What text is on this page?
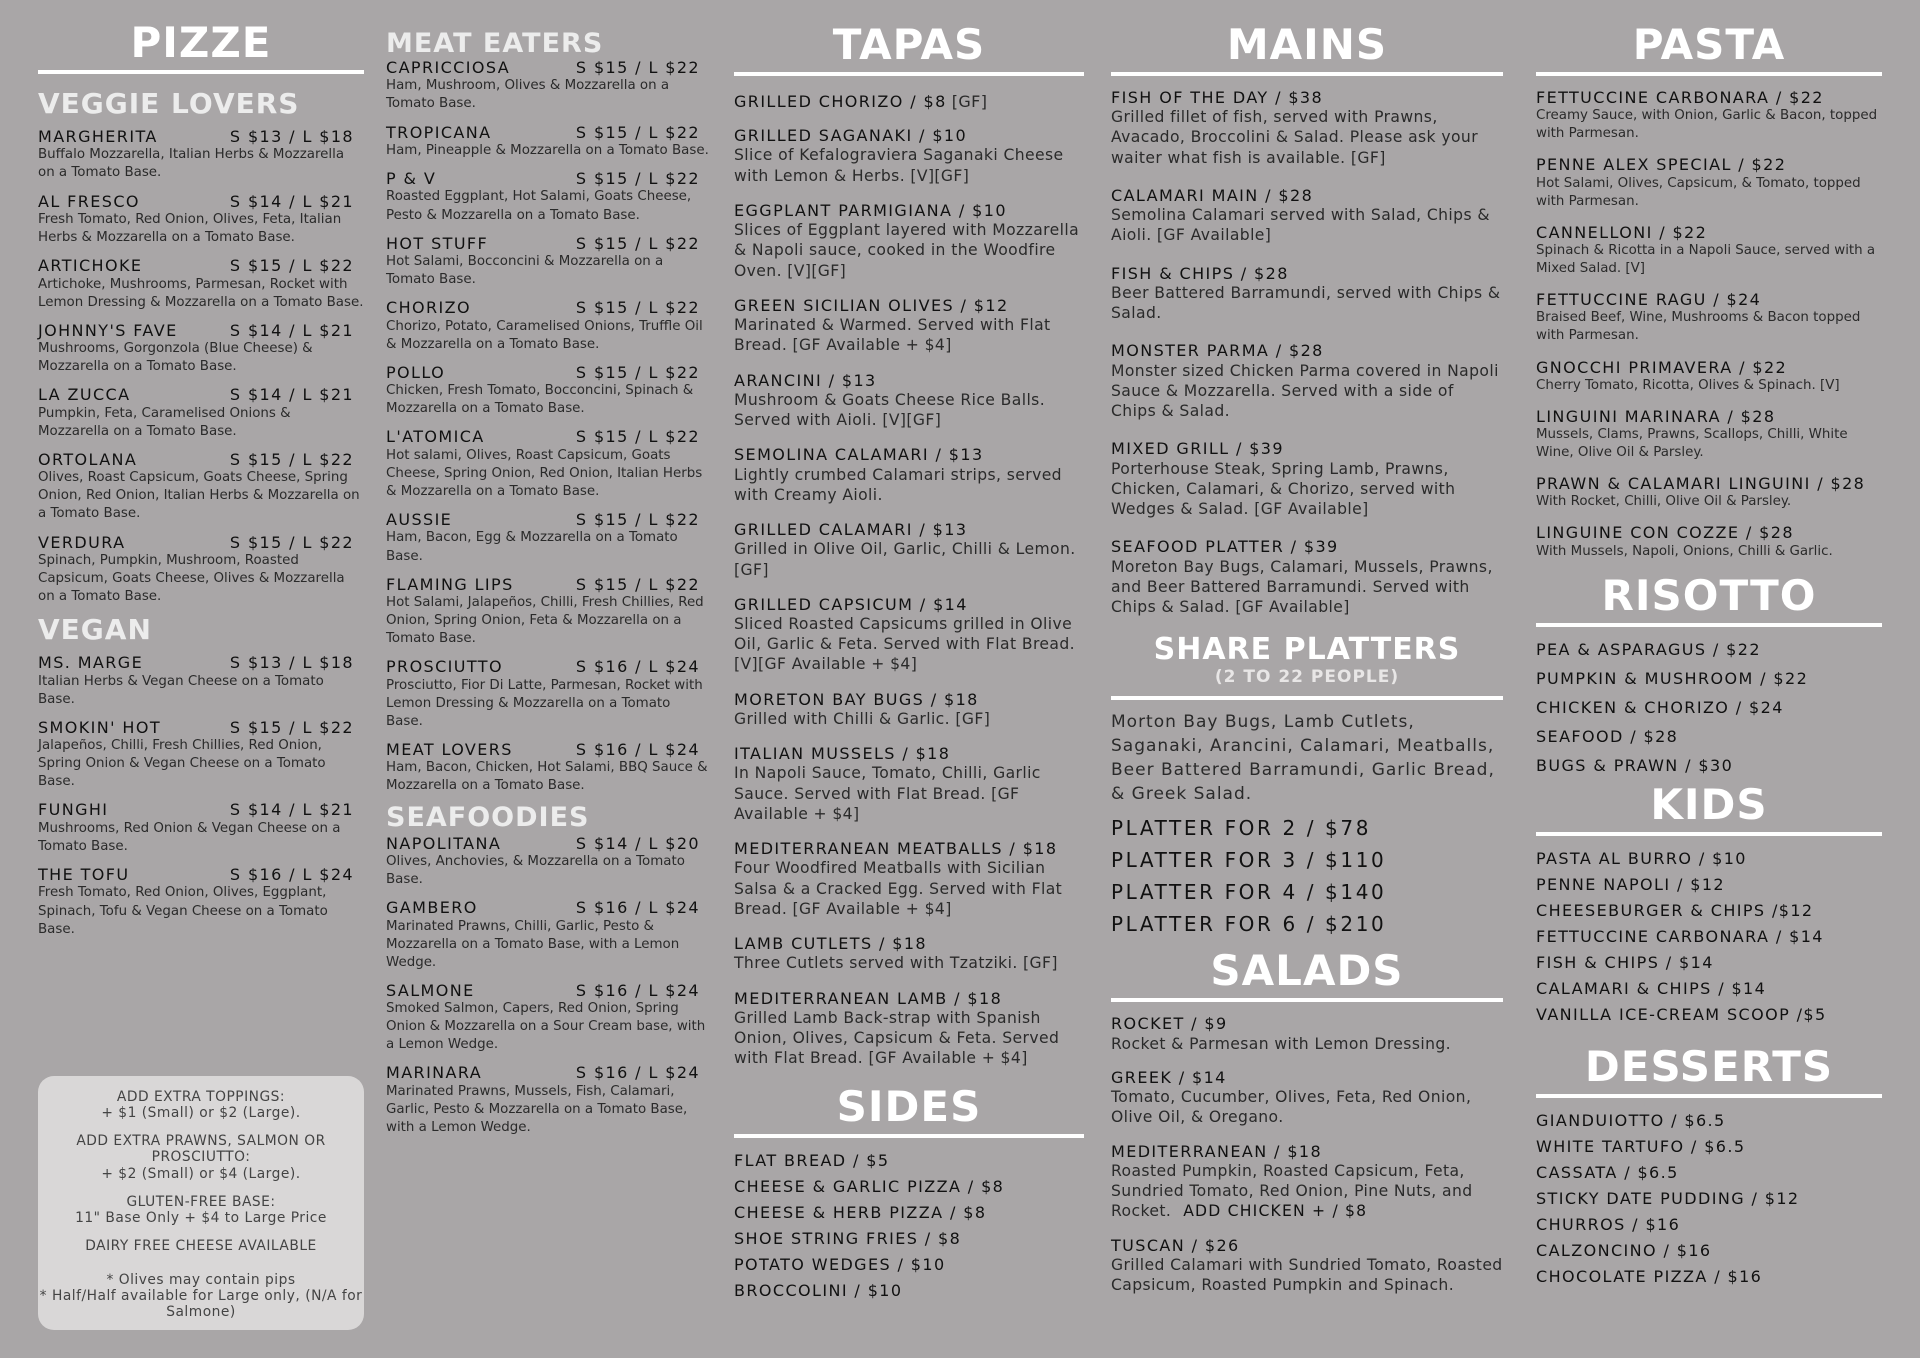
PIZZE
VEGGIE LOVERS
MARGHERITA	S $13 / L $18
Buffalo Mozzarella, Italian Herbs & Mozzarella on a Tomato Base.
AL FRESCO	S $14 / L $21
Fresh Tomato, Red Onion, Olives, Feta, Italian Herbs & Mozzarella on a Tomato Base.
ARTICHOKE	S $15 / L $22
Artichoke, Mushrooms, Parmesan, Rocket with Lemon Dressing & Mozzarella on a Tomato Base.
JOHNNY'S FAVE	S $14 / L $21
Mushrooms, Gorgonzola (Blue Cheese) & Mozzarella on a Tomato Base.
LA ZUCCA	S $14 / L $21
Pumpkin, Feta, Caramelised Onions & Mozzarella on a Tomato Base.
ORTOLANA	S $15 / L $22
Olives, Roast Capsicum, Goats Cheese, Spring Onion, Red Onion, Italian Herbs & Mozzarella on a Tomato Base.
VERDURA	S $15 / L $22
Spinach, Pumpkin, Mushroom, Roasted Capsicum, Goats Cheese, Olives & Mozzarella on a Tomato Base.
VEGAN
MS. MARGE	S $13 / L $18
Italian Herbs & Vegan Cheese on a Tomato Base.
SMOKIN' HOT	S $15 / L $22
Jalapeños, Chilli, Fresh Chillies, Red Onion, Spring Onion & Vegan Cheese on a Tomato Base.
FUNGHI	S $14 / L $21
Mushrooms, Red Onion & Vegan Cheese on a Tomato Base.
THE TOFU	S $16 / L $24
Fresh Tomato, Red Onion, Olives, Eggplant, Spinach, Tofu & Vegan Cheese on a Tomato Base.

ADD EXTRA TOPPINGS:
+ $1 (Small) or $2 (Large).

ADD EXTRA PRAWNS, SALMON OR PROSCIUTTO:
+ $2 (Small) or $4 (Large).

GLUTEN-FREE BASE:
11" Base Only + $4 to Large Price

DAIRY FREE CHEESE AVAILABLE

* Olives may contain pips
* Half/Half available for Large only, (N/A for Salmone)

MEAT EATERS
CAPRICCIOSA	S $15 / L $22
Ham, Mushroom, Olives & Mozzarella on a Tomato Base.
TROPICANA	S $15 / L $22
Ham, Pineapple & Mozzarella on a Tomato Base.
P & V	S $15 / L $22
Roasted Eggplant, Hot Salami, Goats Cheese, Pesto & Mozzarella on a Tomato Base.
HOT STUFF	S $15 / L $22
Hot Salami, Bocconcini & Mozzarella on a Tomato Base.
CHORIZO	S $15 / L $22
Chorizo, Potato, Caramelised Onions, Truffle Oil & Mozzarella on a Tomato Base.
POLLO	S $15 / L $22
Chicken, Fresh Tomato, Bocconcini, Spinach & Mozzarella on a Tomato Base.
L'ATOMICA	S $15 / L $22
Hot salami, Olives, Roast Capsicum, Goats Cheese, Spring Onion, Red Onion, Italian Herbs & Mozzarella on a Tomato Base.
AUSSIE	S $15 / L $22
Ham, Bacon, Egg & Mozzarella on a Tomato Base.
FLAMING LIPS	S $15 / L $22
Hot Salami, Jalapeños, Chilli, Fresh Chillies, Red Onion, Spring Onion, Feta & Mozzarella on a Tomato Base.
PROSCIUTTO	S $16 / L $24
Prosciutto, Fior Di Latte, Parmesan, Rocket with Lemon Dressing & Mozzarella on a Tomato Base.
MEAT LOVERS	S $16 / L $24
Ham, Bacon, Chicken, Hot Salami, BBQ Sauce & Mozzarella on a Tomato Base.
SEAFOODIES
NAPOLITANA	S $14 / L $20
Olives, Anchovies, & Mozzarella on a Tomato Base.
GAMBERO	S $16 / L $24
Marinated Prawns, Chilli, Garlic, Pesto & Mozzarella on a Tomato Base, with a Lemon Wedge.
SALMONE	S $16 / L $24
Smoked Salmon, Capers, Red Onion, Spring Onion & Mozzarella on a Sour Cream base, with a Lemon Wedge.
MARINARA	S $16 / L $24
Marinated Prawns, Mussels, Fish, Calamari, Garlic, Pesto & Mozzarella on a Tomato Base, with a Lemon Wedge.
TAPAS
GRILLED CHORIZO / $8 [GF]
GRILLED SAGANAKI / $10
Slice of Kefalograviera Saganaki Cheese with Lemon & Herbs. [V][GF]
EGGPLANT PARMIGIANA / $10
Slices of Eggplant layered with Mozzarella & Napoli sauce, cooked in the Woodfire Oven. [V][GF]
GREEN SICILIAN OLIVES / $12
Marinated & Warmed. Served with Flat Bread. [GF Available + $4]
ARANCINI / $13
Mushroom & Goats Cheese Rice Balls. Served with Aioli. [V][GF]
SEMOLINA CALAMARI / $13
Lightly crumbed Calamari strips, served with Creamy Aioli.
GRILLED CALAMARI / $13
Grilled in Olive Oil, Garlic, Chilli & Lemon. [GF]
GRILLED CAPSICUM / $14
Sliced Roasted Capsicums grilled in Olive Oil, Garlic & Feta. Served with Flat Bread. [V][GF Available + $4]
MORETON BAY BUGS / $18
Grilled with Chilli & Garlic. [GF]
ITALIAN MUSSELS / $18
In Napoli Sauce, Tomato, Chilli, Garlic Sauce. Served with Flat Bread. [GF Available + $4]
MEDITERRANEAN MEATBALLS / $18
Four Woodfired Meatballs with Sicilian Salsa & a Cracked Egg. Served with Flat Bread. [GF Available + $4]
LAMB CUTLETS / $18
Three Cutlets served with Tzatziki. [GF]
MEDITERRANEAN LAMB / $18
Grilled Lamb Back-strap with Spanish Onion, Olives, Capsicum & Feta. Served with Flat Bread. [GF Available + $4]
SIDES
FLAT BREAD / $5
CHEESE & GARLIC PIZZA / $8
CHEESE & HERB PIZZA / $8
SHOE STRING FRIES / $8
POTATO WEDGES / $10
BROCCOLINI / $10
MAINS
FISH OF THE DAY / $38
Grilled fillet of fish, served with Prawns, Avacado, Broccolini & Salad. Please ask your waiter what fish is available. [GF]
CALAMARI MAIN / $28
Semolina Calamari served with Salad, Chips & Aioli. [GF Available]
FISH & CHIPS / $28
Beer Battered Barramundi, served with Chips & Salad.
MONSTER PARMA / $28
Monster sized Chicken Parma covered in Napoli Sauce & Mozzarella. Served with a side of Chips & Salad.
MIXED GRILL / $39
Porterhouse Steak, Spring Lamb, Prawns, Chicken, Calamari, & Chorizo, served with Wedges & Salad. [GF Available]
SEAFOOD PLATTER / $39
Moreton Bay Bugs, Calamari, Mussels, Prawns, and Beer Battered Barramundi. Served with Chips & Salad. [GF Available]
SHARE PLATTERS
(2 TO 22 PEOPLE)
Morton Bay Bugs, Lamb Cutlets, Saganaki, Arancini, Calamari, Meatballs, Beer Battered Barramundi, Garlic Bread, & Greek Salad.
PLATTER FOR 2 / $78
PLATTER FOR 3 / $110
PLATTER FOR 4 / $140
PLATTER FOR 6 / $210
SALADS
ROCKET / $9
Rocket & Parmesan with Lemon Dressing.
GREEK / $14
Tomato, Cucumber, Olives, Feta, Red Onion, Olive Oil, & Oregano.
MEDITERRANEAN / $18
Roasted Pumpkin, Roasted Capsicum, Feta, Sundried Tomato, Red Onion, Pine Nuts, and Rocket. ADD CHICKEN + / $8
TUSCAN / $26
Grilled Calamari with Sundried Tomato, Roasted Capsicum, Roasted Pumpkin and Spinach.
PASTA
FETTUCCINE CARBONARA / $22
Creamy Sauce, with Onion, Garlic & Bacon, topped with Parmesan.
PENNE ALEX SPECIAL / $22
Hot Salami, Olives, Capsicum, & Tomato, topped with Parmesan.
CANNELLONI / $22
Spinach & Ricotta in a Napoli Sauce, served with a Mixed Salad. [V]
FETTUCCINE RAGU / $24
Braised Beef, Wine, Mushrooms & Bacon topped with Parmesan.
GNOCCHI PRIMAVERA / $22
Cherry Tomato, Ricotta, Olives & Spinach. [V]
LINGUINI MARINARA / $28
Mussels, Clams, Prawns, Scallops, Chilli, White Wine, Olive Oil & Parsley.
PRAWN & CALAMARI LINGUINI / $28
With Rocket, Chilli, Olive Oil & Parsley.
LINGUINE CON COZZE / $28
With Mussels, Napoli, Onions, Chilli & Garlic.
RISOTTO
PEA & ASPARAGUS / $22
PUMPKIN & MUSHROOM / $22
CHICKEN & CHORIZO / $24
SEAFOOD / $28
BUGS & PRAWN / $30
KIDS
PASTA AL BURRO / $10
PENNE NAPOLI / $12
CHEESEBURGER & CHIPS /$12
FETTUCCINE CARBONARA / $14
FISH & CHIPS / $14
CALAMARI & CHIPS / $14
VANILLA ICE-CREAM SCOOP /$5
DESSERTS
GIANDUIOTTO / $6.5
WHITE TARTUFO / $6.5
CASSATA / $6.5
STICKY DATE PUDDING / $12
CHURROS / $16
CALZONCINO / $16
CHOCOLATE PIZZA / $16
